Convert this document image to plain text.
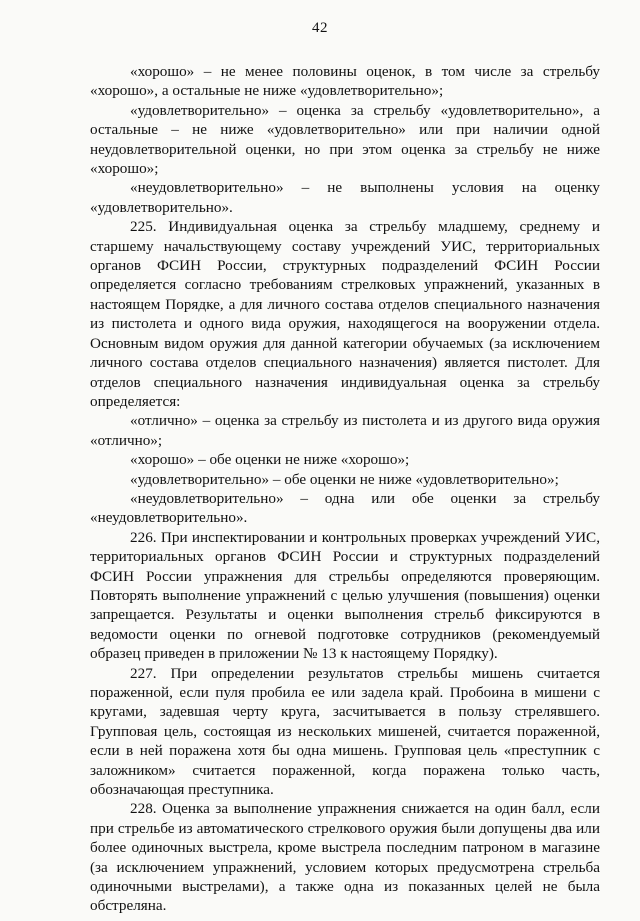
42

«хорошо» – не менее половины оценок, в том числе за стрельбу «хорошо», а остальные не ниже «удовлетворительно»;

«удовлетворительно» – оценка за стрельбу «удовлетворительно», а остальные – не ниже «удовлетворительно» или при наличии одной неудовлетворительной оценки, но при этом оценка за стрельбу не ниже «хорошо»;

«неудовлетворительно» – не выполнены условия на оценку «удовлетворительно».

225. Индивидуальная оценка за стрельбу младшему, среднему и старшему начальствующему составу учреждений УИС, территориальных органов ФСИН России, структурных подразделений ФСИН России определяется согласно требованиям стрелковых упражнений, указанных в настоящем Порядке, а для личного состава отделов специального назначения из пистолета и одного вида оружия, находящегося на вооружении отдела. Основным видом оружия для данной категории обучаемых (за исключением личного состава отделов специального назначения) является пистолет. Для отделов специального назначения индивидуальная оценка за стрельбу определяется:

«отлично» – оценка за стрельбу из пистолета и из другого вида оружия «отлично»;

«хорошо» – обе оценки не ниже «хорошо»;

«удовлетворительно» – обе оценки не ниже «удовлетворительно»;

«неудовлетворительно» – одна или обе оценки за стрельбу «неудовлетворительно».

226. При инспектировании и контрольных проверках учреждений УИС, территориальных органов ФСИН России и структурных подразделений ФСИН России упражнения для стрельбы определяются проверяющим. Повторять выполнение упражнений с целью улучшения (повышения) оценки запрещается. Результаты и оценки выполнения стрельб фиксируются в ведомости оценки по огневой подготовке сотрудников (рекомендуемый образец приведен в приложении № 13 к настоящему Порядку).

227. При определении результатов стрельбы мишень считается пораженной, если пуля пробила ее или задела край. Пробоина в мишени с кругами, задевшая черту круга, засчитывается в пользу стрелявшего. Групповая цель, состоящая из нескольких мишеней, считается пораженной, если в ней поражена хотя бы одна мишень. Групповая цель «преступник с заложником» считается пораженной, когда поражена только часть, обозначающая преступника.

228. Оценка за выполнение упражнения снижается на один балл, если при стрельбе из автоматического стрелкового оружия были допущены два или более одиночных выстрела, кроме выстрела последним патроном в магазине (за исключением упражнений, условием которых предусмотрена стрельба одиночными выстрелами), а также одна из показанных целей не была обстреляна.
